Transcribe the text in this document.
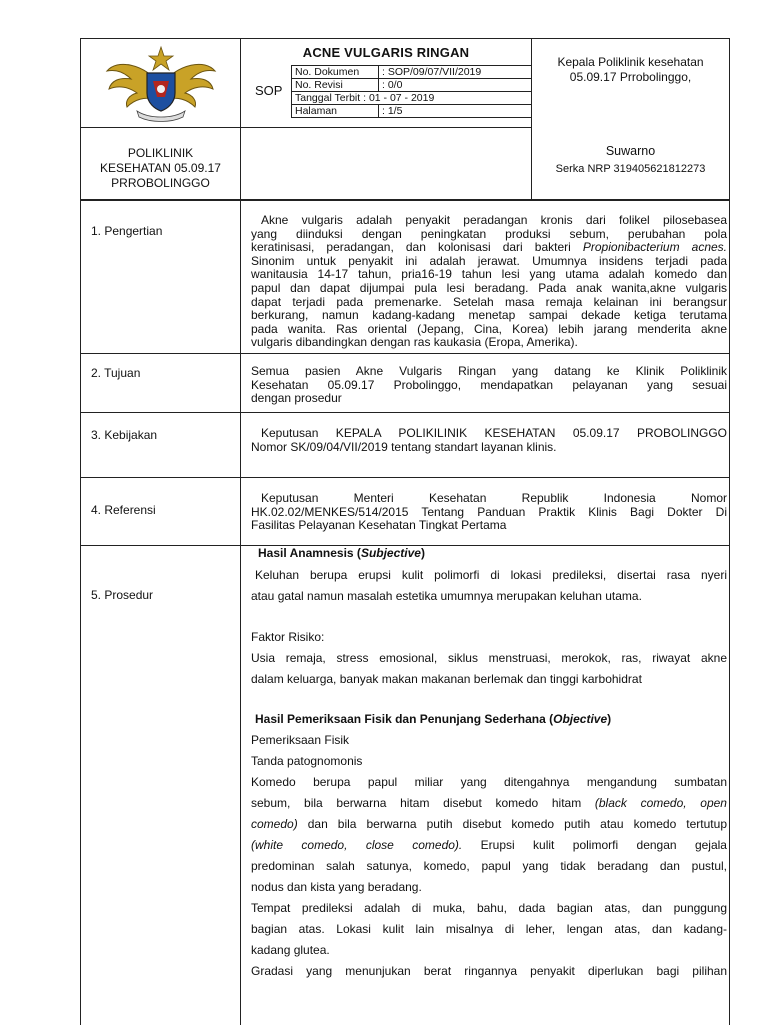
ACNE VULGARIS RINGAN
SOP
No. Dokumen	: SOP/09/07/VII/2019
No. Revisi	: 0/0
Tanggal Terbit : 01 - 07 - 2019	
Halaman	: 1/5
Kepala Poliklinik kesehatan
05.09.17 Prrobolinggo,
Suwarno
Serka NRP 319405621812273
POLIKLINIK
KESEHATAN 05.09.17
PRROBOLINGGO
1. Pengertian
Akne vulgaris adalah penyakit peradangan kronis dari folikel pilosebasea
yang diinduksi dengan peningkatan produksi sebum, perubahan pola
keratinisasi, peradangan, dan kolonisasi dari bakteri Propionibacterium acnes.
Sinonim untuk penyakit ini adalah jerawat. Umumnya insidens terjadi pada
wanitausia 14-17 tahun, pria16-19 tahun lesi yang utama adalah komedo dan
papul dan dapat dijumpai pula lesi beradang. Pada anak wanita,akne vulgaris
dapat terjadi pada premenarke. Setelah masa remaja kelainan ini berangsur
berkurang, namun kadang-kadang menetap sampai dekade ketiga terutama
pada wanita. Ras oriental (Jepang, Cina, Korea) lebih jarang menderita akne
vulgaris dibandingkan dengan ras kaukasia (Eropa, Amerika).
2. Tujuan	Semua pasien Akne Vulgaris Ringan yang datang ke Klinik Poliklinik
Kesehatan 05.09.17 Probolinggo, mendapatkan pelayanan yang sesuai
dengan prosedur
3. Kebijakan	Keputusan KEPALA POLIKILINIK KESEHATAN 05.09.17 PROBOLINGGO
Nomor SK/09/04/VII/2019 tentang standart layanan klinis.
4. Referensi
Keputusan Menteri Kesehatan Republik Indonesia Nomor
HK.02.02/MENKES/514/2015 Tentang Panduan Praktik Klinis Bagi Dokter Di
Fasilitas Pelayanan Kesehatan Tingkat Pertama
5. Prosedur
Hasil Anamnesis (Subjective)
Keluhan berupa erupsi kulit polimorfi di lokasi predileksi, disertai rasa nyeri
atau gatal namun masalah estetika umumnya merupakan keluhan utama.
Faktor Risiko:
Usia remaja, stress emosional, siklus menstruasi, merokok, ras, riwayat akne
dalam keluarga, banyak makan makanan berlemak dan tinggi karbohidrat
Hasil Pemeriksaan Fisik dan Penunjang Sederhana (Objective)
Pemeriksaan Fisik
Tanda patognomonis
Komedo berupa papul miliar yang ditengahnya mengandung sumbatan
sebum, bila berwarna hitam disebut komedo hitam (black comedo, open
comedo) dan bila berwarna putih disebut komedo putih atau komedo tertutup
(white comedo, close comedo). Erupsi kulit polimorfi dengan gejala
predominan salah satunya, komedo, papul yang tidak beradang dan pustul,
nodus dan kista yang beradang.
Tempat predileksi adalah di muka, bahu, dada bagian atas, dan punggung
bagian atas. Lokasi kulit lain misalnya di leher, lengan atas, dan kadang-
kadang glutea.
Gradasi yang menunjukan berat ringannya penyakit diperlukan bagi pilihan
